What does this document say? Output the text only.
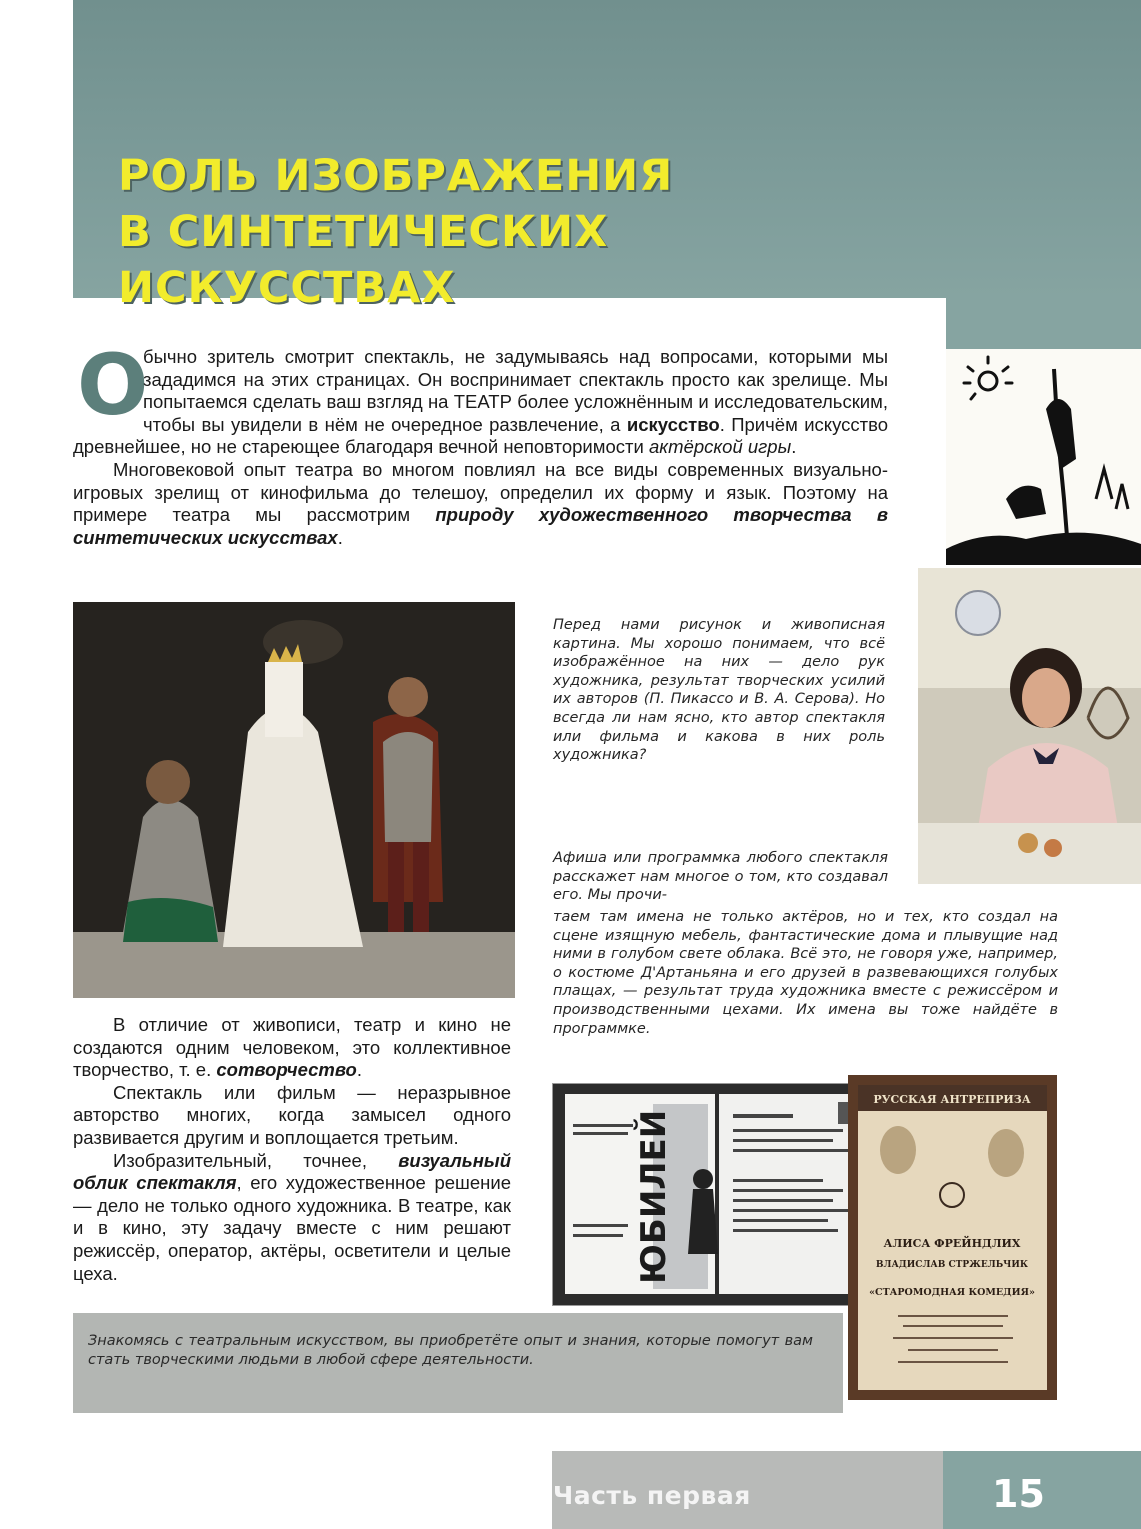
РОЛЬ ИЗОБРАЖЕНИЯ
В СИНТЕТИЧЕСКИХ ИСКУССТВАХ
О

бычно зритель смотрит спектакль, не задумываясь над вопросами, которыми мы зададимся на этих страницах. Он воспринимает спектакль просто как зрелище. Мы попытаемся сделать ваш взгляд на ТЕАТР более усложнённым и исследовательским, чтобы вы увидели в нём не очередное развлечение, а искусство. Причём искусство древнейшее, но не стареющее благодаря вечной неповторимости актёрской игры.

Многовековой опыт театра во многом повлиял на все виды современных визуально-игровых зрелищ от кинофильма до телешоу, определил их форму и язык. Поэтому на примере театра мы рассмотрим природу художественного творчества в синтетических искусствах.

Перед нами рисунок и живописная картина. Мы хорошо понимаем, что всё изображённое на них — дело рук художника, результат творческих усилий их авторов (П. Пикассо и В. А. Серова). Но всегда ли нам ясно, кто автор спектакля или фильма и какова в них роль художника?
Афиша или программка любого спектакля расскажет нам многое о том, кто создавал его. Мы прочи-
таем там имена не только актёров, но и тех, кто создал на сцене изящную мебель, фантастические дома и плывущие над ними в голубом свете облака. Всё это, не говоря уже, например, о костюме Д'Артаньяна и его друзей в развевающихся голубых плащах, — результат труда художника вместе с режиссёром и производственными цехами. Их имена вы тоже найдёте в программке.

В отличие от живописи, театр и кино не создаются одним человеком, это коллективное творчество, т. е. сотворчество.

Спектакль или фильм — неразрывное авторство многих, когда замысел одного развивается другим и воплощается третьим.

Изобразительный, точнее, визуальный облик спектакля, его художественное решение — дело не только одного художника. В театре, как и в кино, эту задачу вместе с ним решают режиссёр, оператор, актёры, осветители и целые цеха.	ЮБИЛЕЙ
РУССКАЯ АНТРЕПРИЗА
АЛИСА ФРЕЙНДЛИХ
ВЛАДИСЛАВ СТРЖЕЛЬЧИК
«СТАРОМОДНАЯ КОМЕДИЯ»
Знакомясь с театральным искусством, вы приобретёте опыт и знания, которые помогут вам стать творческими людьми в любой сфере деятельности.
Часть первая	15
